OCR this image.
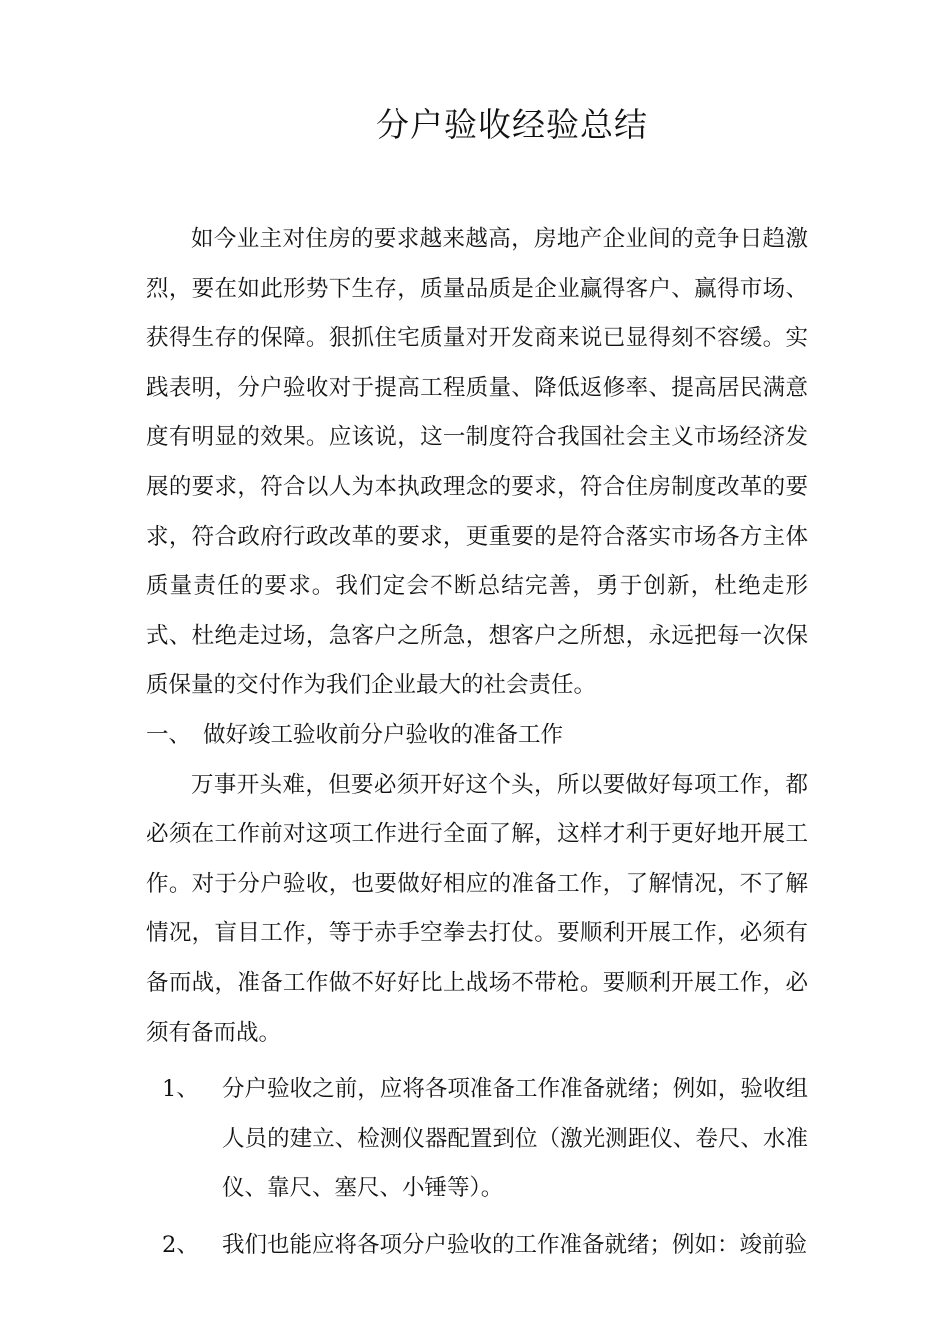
分户验收经验总结

如今业主对住房的要求越来越高，房地产企业间的竞争日趋激烈，要在如此形势下生存，质量品质是企业赢得客户、赢得市场、获得生存的保障。狠抓住宅质量对开发商来说已显得刻不容缓。实践表明，分户验收对于提高工程质量、降低返修率、提高居民满意度有明显的效果。应该说，这一制度符合我国社会主义市场经济发展的要求，符合以人为本执政理念的要求，符合住房制度改革的要求，符合政府行政改革的要求，更重要的是符合落实市场各方主体质量责任的要求。我们定会不断总结完善，勇于创新，杜绝走形式、杜绝走过场，急客户之所急，想客户之所想，永远把每一次保质保量的交付作为我们企业最大的社会责任。

一、 做好竣工验收前分户验收的准备工作

万事开头难，但要必须开好这个头，所以要做好每项工作，都必须在工作前对这项工作进行全面了解，这样才利于更好地开展工作。对于分户验收，也要做好相应的准备工作，了解情况，不了解情况，盲目工作，等于赤手空拳去打仗。要顺利开展工作，必须有备而战，准备工作做不好好比上战场不带枪。要顺利开展工作，必须有备而战。

1、 分户验收之前，应将各项准备工作准备就绪；例如，验收组人员的建立、检测仪器配置到位（激光测距仪、卷尺、水准仪、靠尺、塞尺、小锤等）。
2、 我们也能应将各项分户验收的工作准备就绪；例如：竣前验
